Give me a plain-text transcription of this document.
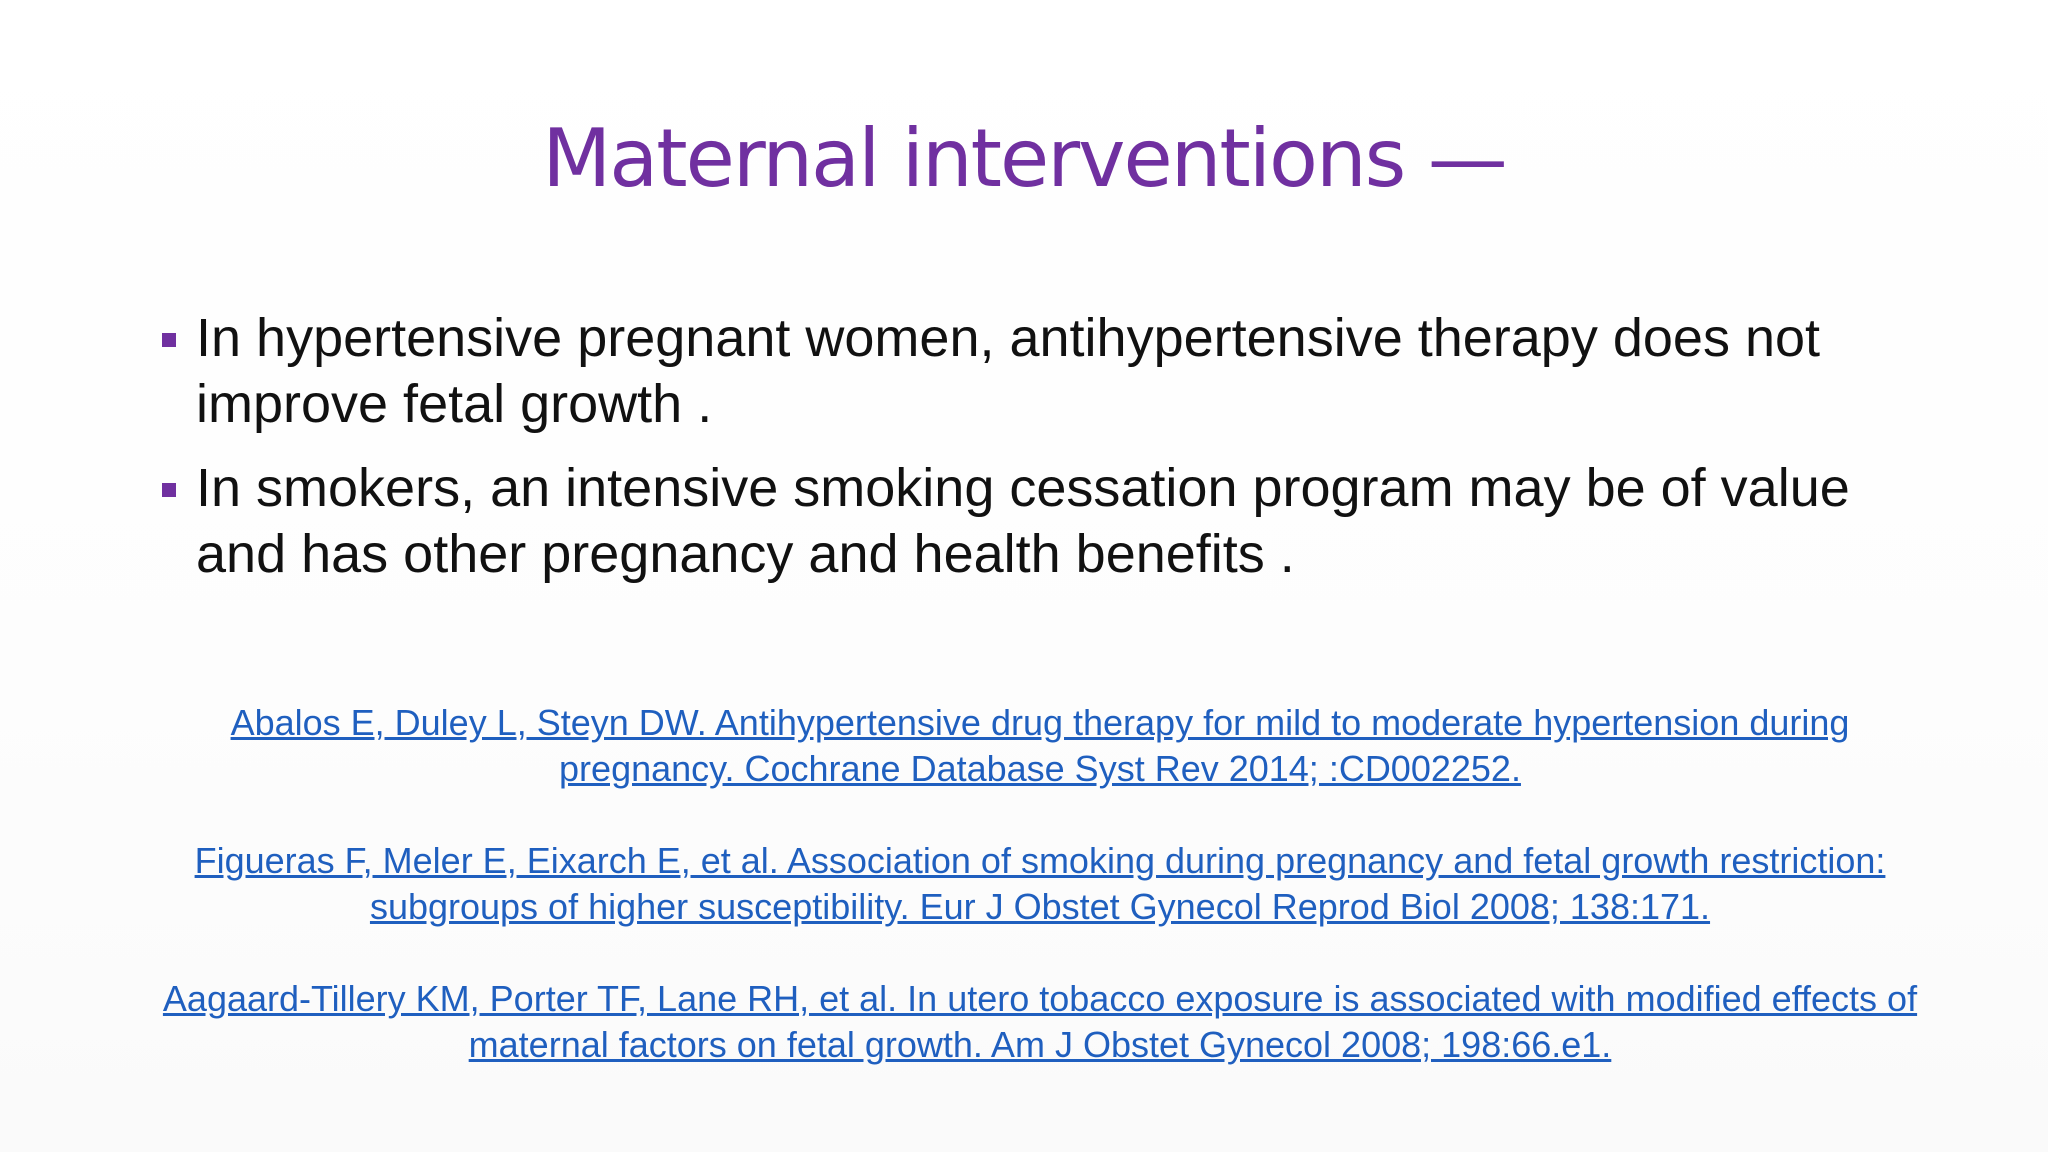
Maternal interventions —
In hypertensive pregnant women, antihypertensive therapy does not improve fetal growth .
In smokers, an intensive smoking cessation program may be of value and has other pregnancy and health benefits .
Abalos E, Duley L, Steyn DW. Antihypertensive drug therapy for mild to moderate hypertension during pregnancy. Cochrane Database Syst Rev 2014; :CD002252.
Figueras F, Meler E, Eixarch E, et al. Association of smoking during pregnancy and fetal growth restriction: subgroups of higher susceptibility. Eur J Obstet Gynecol Reprod Biol 2008; 138:171.
Aagaard-Tillery KM, Porter TF, Lane RH, et al. In utero tobacco exposure is associated with modified effects of maternal factors on fetal growth. Am J Obstet Gynecol 2008; 198:66.e1.
